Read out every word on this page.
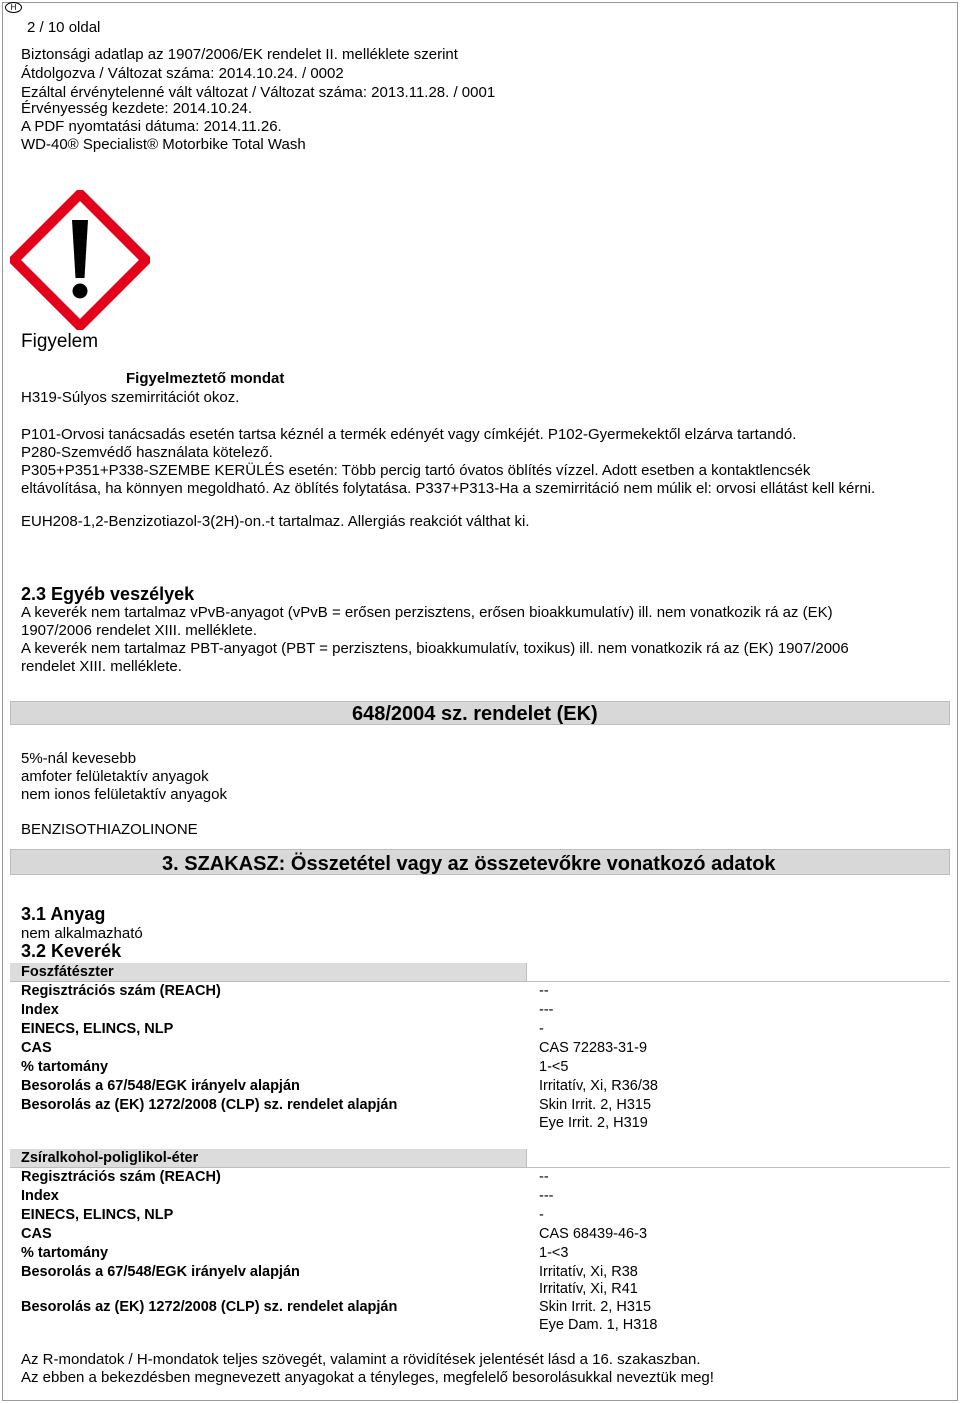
H
2 / 10 oldal
Biztonsági adatlap az 1907/2006/EK rendelet II. melléklete szerint
Átdolgozva / Változat száma: 2014.10.24. / 0002
Ezáltal érvénytelenné vált változat / Változat száma: 2013.11.28. / 0001
Érvényesség kezdete: 2014.10.24.
A PDF nyomtatási dátuma: 2014.11.26.
WD-40® Specialist® Motorbike Total Wash
Figyelem
Figyelmeztető mondat
H319-Súlyos szemirritációt okoz.
P101-Orvosi tanácsadás esetén tartsa kéznél a termék edényét vagy címkéjét. P102-Gyermekektől elzárva tartandó.
P280-Szemvédő használata kötelező.
P305+P351+P338-SZEMBE KERÜLÉS esetén: Több percig tartó óvatos öblítés vízzel. Adott esetben a kontaktlencsék
eltávolítása, ha könnyen megoldható. Az öblítés folytatása. P337+P313-Ha a szemirritáció nem múlik el: orvosi ellátást kell kérni.
EUH208-1,2-Benzizotiazol-3(2H)-on.-t tartalmaz. Allergiás reakciót válthat ki.
2.3 Egyéb veszélyek
A keverék nem tartalmaz vPvB-anyagot (vPvB = erősen perzisztens, erősen bioakkumulatív) ill. nem vonatkozik rá az (EK)
1907/2006 rendelet XIII. melléklete.
A keverék nem tartalmaz PBT-anyagot (PBT = perzisztens, bioakkumulatív, toxikus) ill. nem vonatkozik rá az (EK) 1907/2006
rendelet XIII. melléklete.
648/2004 sz. rendelet (EK)
5%-nál kevesebb
amfoter felületaktív anyagok
nem ionos felületaktív anyagok
BENZISOTHIAZOLINONE
3. SZAKASZ: Összetétel vagy az összetevőkre vonatkozó adatok
3.1 Anyag
nem alkalmazható
3.2 Keverék
Foszfátészter
Regisztrációs szám (REACH)	--
Index	---
EINECS, ELINCS, NLP	-
CAS	CAS 72283-31-9
% tartomány	1-<5
Besorolás a 67/548/EGK irányelv alapján	Irritatív, Xi, R36/38
Besorolás az (EK) 1272/2008 (CLP) sz. rendelet alapján	Skin Irrit. 2, H315
Eye Irrit. 2, H319
Zsíralkohol-poliglikol-éter
Regisztrációs szám (REACH)	--
Index	---
EINECS, ELINCS, NLP	-
CAS	CAS 68439-46-3
% tartomány	1-<3
Besorolás a 67/548/EGK irányelv alapján	Irritatív, Xi, R38
Irritatív, Xi, R41
Besorolás az (EK) 1272/2008 (CLP) sz. rendelet alapján	Skin Irrit. 2, H315
Eye Dam. 1, H318
Az R-mondatok / H-mondatok teljes szövegét, valamint a rövidítések jelentését lásd a 16. szakaszban.
Az ebben a bekezdésben megnevezett anyagokat a tényleges, megfelelő besorolásukkal neveztük meg!
